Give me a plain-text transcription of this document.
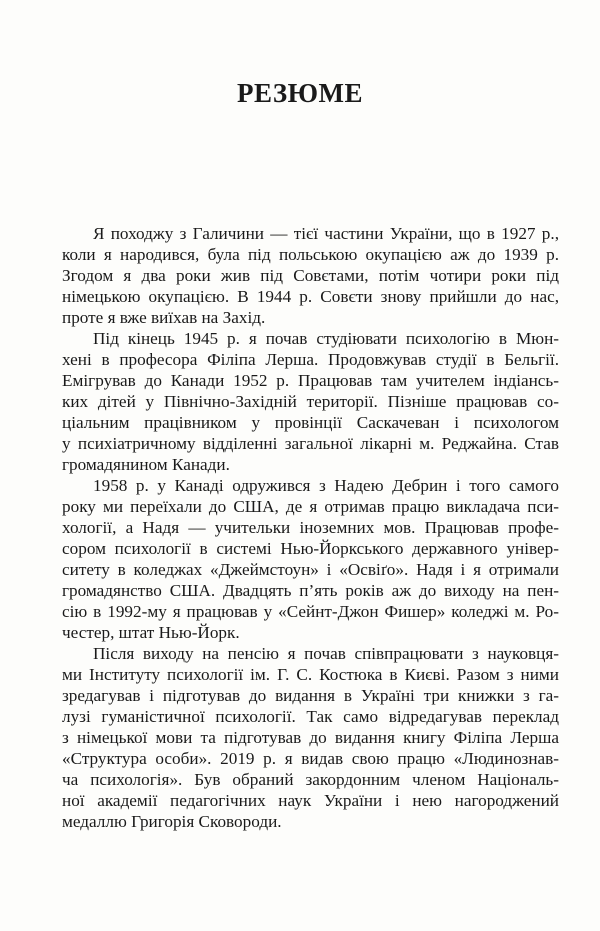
РЕЗЮМЕ
Я походжу з Галичини — тієї частини України, що в 1927 р.,
коли я народився, була під польською окупацією аж до 1939 р.
Згодом я два роки жив під Совєтами, потім чотири роки під
німецькою окупацією. В 1944 р. Совєти знову прийшли до нас,
проте я вже виїхав на Захід.
Під кінець 1945 р. я почав студіювати психологію в Мюн-
хені в професора Філіпа Лерша. Продовжував студії в Бельгії.
Емігрував до Канади 1952 р. Працював там учителем індіансь-
ких дітей у Північно-Західній території. Пізніше працював со-
ціальним працівником у провінції Саскачеван і психологом
у психіатричному відділенні загальної лікарні м. Реджайна. Став
громадянином Канади.
1958 р. у Канаді одружився з Надею Дебрин і того самого
року ми переїхали до США, де я отримав працю викладача пси-
хології, а Надя — учительки іноземних мов. Працював профе-
сором психології в системі Нью-Йоркського державного універ-
ситету в коледжах «Джеймстоун» і «Освіґо». Надя і я отримали
громадянство США. Двадцять п’ять років аж до виходу на пен-
сію в 1992-му я працював у «Сейнт-Джон Фишер» коледжі м. Ро-
честер, штат Нью-Йорк.
Після виходу на пенсію я почав співпрацювати з науковця-
ми Інституту психології ім. Г. С. Костюка в Києві. Разом з ними
зредагував і підготував до видання в Україні три книжки з га-
лузі гуманістичної психології. Так само відредагував переклад
з німецької мови та підготував до видання книгу Філіпа Лерша
«Структура особи». 2019 р. я видав свою працю «Людинознав-
ча психологія». Був обраний закордонним членом Національ-
ної академії педагогічних наук України і нею нагороджений
медаллю Григорія Сковороди.
